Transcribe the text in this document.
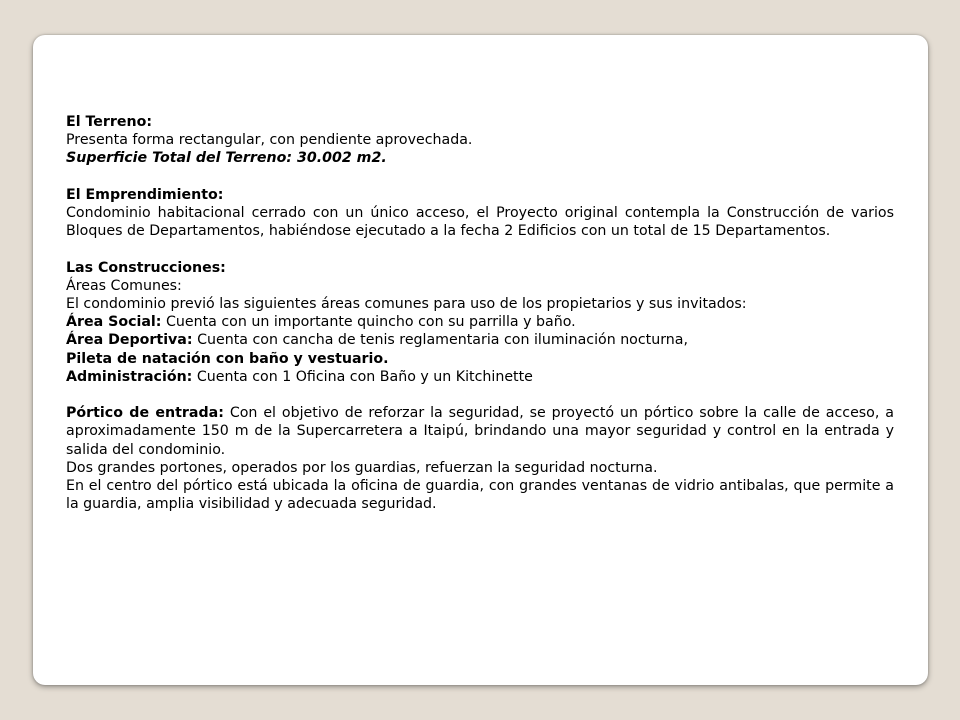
El Terreno:

Presenta forma rectangular, con pendiente aprovechada.

Superficie Total del Terreno: 30.002 m2.

El Emprendimiento:

Condominio habitacional cerrado con un único acceso, el Proyecto original contempla la Construcción de varios Bloques de Departamentos, habiéndose ejecutado a la fecha 2 Edificios con un total de 15 Departamentos.

Las Construcciones:

Áreas Comunes:

El condominio previó las siguientes áreas comunes para uso de los propietarios y sus invitados:

Área Social: Cuenta con un importante quincho con su parrilla y baño.

Área Deportiva: Cuenta con cancha de tenis reglamentaria con iluminación nocturna,

Pileta de natación con baño y vestuario.

Administración: Cuenta con 1 Oficina con Baño y un Kitchinette

Pórtico de entrada: Con el objetivo de reforzar la seguridad, se proyectó un pórtico sobre la calle de acceso, a aproximadamente 150 m de la Supercarretera a Itaipú, brindando una mayor seguridad y control en la entrada y salida del condominio.

Dos grandes portones, operados por los guardias, refuerzan la seguridad nocturna.

En el centro del pórtico está ubicada la oficina de guardia, con grandes ventanas de vidrio antibalas, que permite a la guardia, amplia visibilidad y adecuada seguridad.
